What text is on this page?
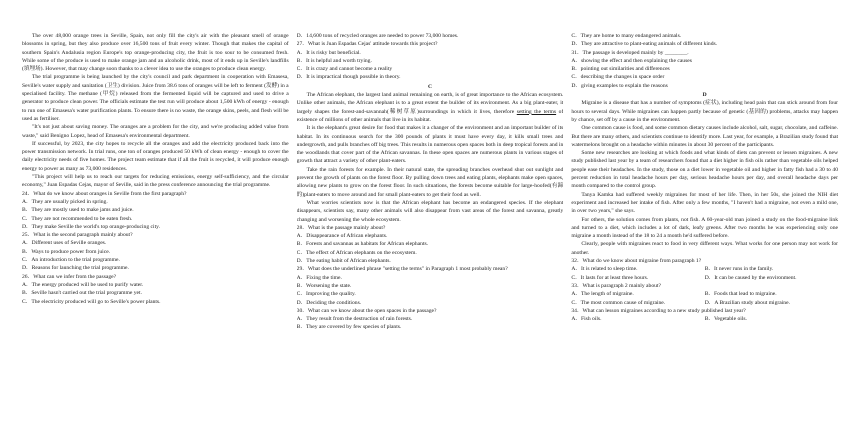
The over 48,000 orange trees in Seville, Spain, not only fill the city's air with the pleasant smell of orange blossoms in spring, but they also produce over 16,500 tons of fruit every winter. Though that makes the capital of southern Spain's Andalusia region Europe's top orange-producing city, the fruit is too sour to be consumed fresh. While some of the produce is used to make orange jam and an alcoholic drink, most of it ends up in Seville's landfills (填埋场). However, that may change soon thanks to a clever idea to use the oranges to produce clean energy.

The trial programme is being launched by the city's council and park department in cooperation with Emasesa, Seville's water supply and sanitation (卫生) division. Juice from 38.6 tons of oranges will be left to ferment (发酵) in a specialised facility. The methane (甲烷) released from the fermented liquid will be captured and used to drive a generator to produce clean power. The officials estimate the test run will produce about 1,500 kWh of energy - enough to run one of Emasesa's water purification plants. To ensure there is no waste, the orange skins, peels, and flesh will be used as fertiliser.

"It's not just about saving money. The oranges are a problem for the city, and we're producing added value from waste," said Benigno Lopez, head of Emasesa's environmental department.

If successful, by 2023, the city hopes to recycle all the oranges and add the electricity produced back into the power transmission network. In trial runs, one ton of oranges produced 50 kWh of clean energy - enough to cover the daily electricity needs of five homes. The project team estimate that if all the fruit is recycled, it will produce enough energy to power as many as 73,000 residences.

"This project will help us to reach our targets for reducing emissions, energy self-sufficiency, and the circular economy," Juan Espadas Cejas, mayor of Seville, said in the press conference announcing the trial programme.

24．What do we know about oranges in Seville from the first paragraph?

A．They are usually picked in spring.

B．They are mostly used to make jams and juice.

C．They are not recommended to be eaten fresh.

D．They make Seville the world's top orange-producing city.

25．What is the second paragraph mainly about?

A．Different uses of Seville oranges.

B．Ways to produce power from juice.

C．An introduction to the trial programme.

D．Reasons for launching the trial programme.

26．What can we infer from the passage?

A．The energy produced will be used to purify water.

B．Seville hasn't carried out the trial programme yet.

C．The electricity produced will go to Seville's power plants.

D．14,600 tons of recycled oranges are needed to power 73,000 homes.

27．What is Juan Espadas Cejas' attitude towards this project?

A．It is risky but beneficial.

B．It is helpful and worth trying.

C．It is crazy and cannot become a reality

D．It is impractical though possible in theory.

C

The African elephant, the largest land animal remaining on earth, is of great importance to the African ecosystem. Unlike other animals, the African elephant is to a great extent the builder of its environment. As a big plant-eater, it largely shapes the forest-and-savannah(稀树草原)surroundings in which it lives, therefore setting the terms of existence of millions of other animals that live in its habitat.

It is the elephant's great desire for food that makes it a changer of the environment and an important builder of its habitat. In its continuous search for the 300 pounds of plants it must have every day, it kills small trees and undergrowth, and pulls branches off big trees. This results in numerous open spaces both in deep tropical forests and in the woodlands that cover part of the African savannas. In these open spaces are numerous plants in various stages of growth that attract a variety of other plant-eaters.

Take the rain forests for example. In their natural state, the spreading branches overhead shut out sunlight and prevent the growth of plants on the forest floor. By pulling down trees and eating plants, elephants make open spaces, allowing new plants to grow on the forest floor. In such situations, the forests become suitable for large-hoofed(有蹄的)plant-eaters to move around and for small plant-eaters to get their food as well.

What worries scientists now is that the African elephant has become an endangered species. If the elephant disappears, scientists say, many other animals will also disappear from vast areas of the forest and savanna, greatly changing and worsening the whole ecosystem.

28．What is the passage mainly about?

A．Disappearance of African elephants.

B．Forests and savannas as habitats for African elephants.

C．The effect of African elephants on the ecosystem.

D．The eating habit of African elephants.

29．What does the underlined phrase "setting the terms" in Paragraph 1 most probably mean?

A．Fixing the time.

B．Worsening the state.

C．Improving the quality.

D．Deciding the conditions.

30．What can we know about the open spaces in the passage?

A．They result from the destruction of rain forests.

B．They are covered by few species of plants.

C．They are home to many endangered animals.

D．They are attractive to plant-eating animals of different kinds.

31．The passage is developed mainly by ________.

A．showing the effect and then explaining the causes

B．pointing out similarities and differences

C．describing the changes in space order

D．giving examples to explain the reasons

D

Migraine is a disease that has a number of symptoms (症状), including head pain that can stick around from four hours to several days. While migraines can happen partly because of genetic (基因的) problems, attacks may happen by chance, set off by a cause in the environment.

One common cause is food, and some common dietary causes include alcohol, salt, sugar, chocolate, and caffeine. But there are many others, and scientists continue to identify more. Last year, for example, a Brazilian study found that watermelons brought on a headache within minutes in about 30 percent of the participants.

Some new researches are looking at which foods and what kinds of diets can prevent or lessen migraines. A new study published last year by a team of researchers found that a diet higher in fish oils rather than vegetable oils helped people ease their headaches. In the study, those on a diet lower in vegetable oil and higher in fatty fish had a 30 to 40 percent reduction in total headache hours per day, serious headache hours per day, and overall headache days per month compared to the control group.

Tanya Kamka had suffered weekly migraines for most of her life. Then, in her 50s, she joined the NIH diet experiment and increased her intake of fish. After only a few months, "I haven't had a migraine, not even a mild one, in over two years," she says.

For others, the solution comes from plants, not fish. A 60-year-old man joined a study on the food-migraine link and turned to a diet, which includes a lot of dark, leafy greens. After two months he was experiencing only one migraine a month instead of the 18 to 24 a month he'd suffered before.

Clearly, people with migraines react to food in very different ways. What works for one person may not work for another.

32．What do we know about migraine from paragraph 1?

A．It is related to sleep time.	B．It never runs in the family.
C．It lasts for at least three hours.	D．It can be caused by the environment.

33．What is paragraph 2 mainly about?

A．The length of migraine.	B．Foods that lead to migraine.
C．The most common cause of migraine.	D．A Brazilian study about migraine.

34．What can lesson migraines according to a new study published last year?

A．Fish oils.	B．Vegetable oils.
